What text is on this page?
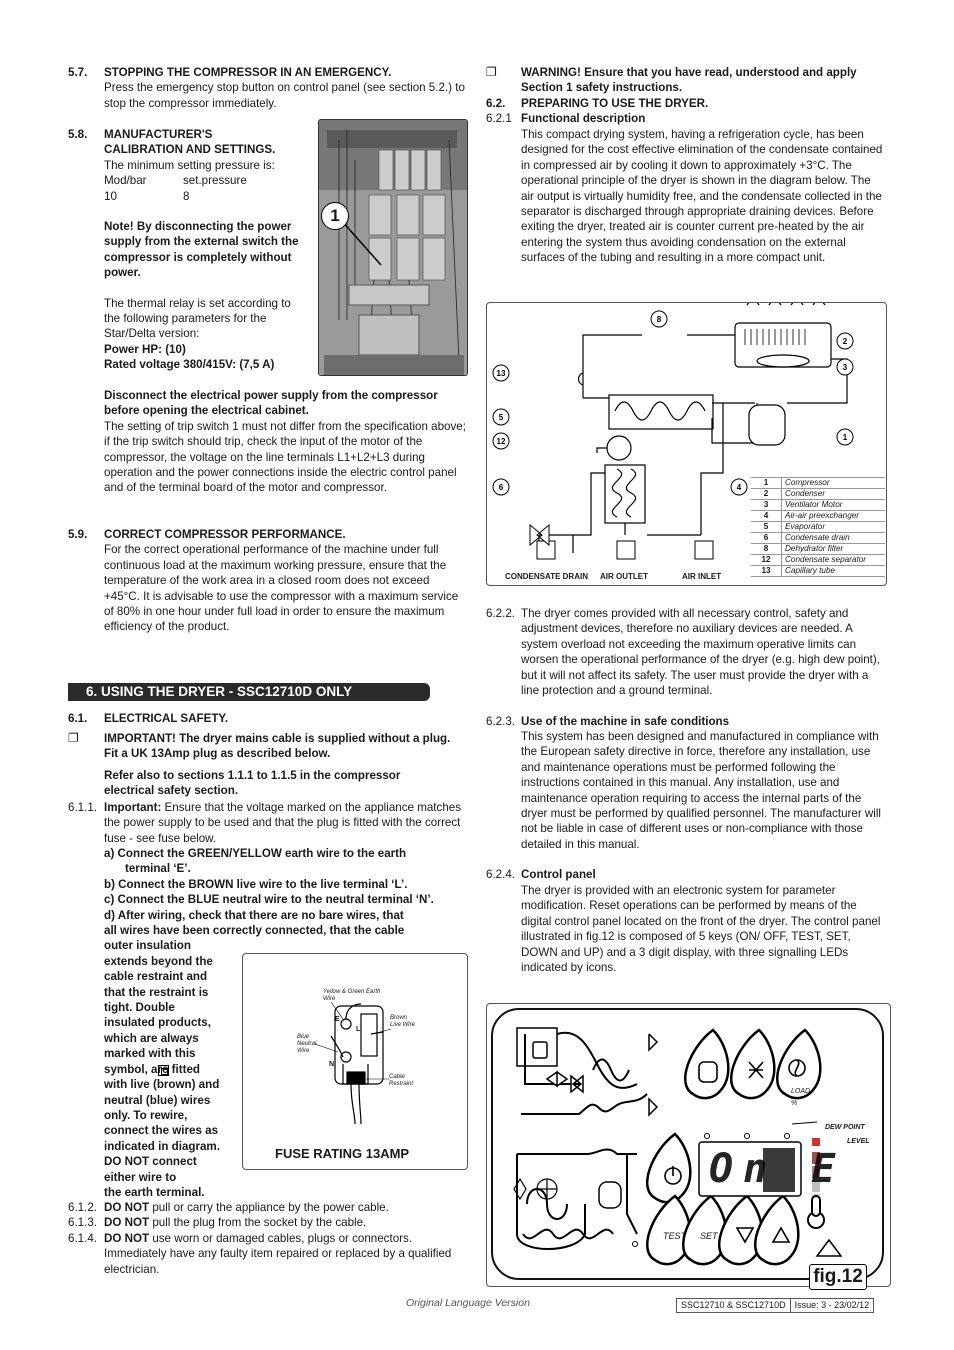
5.7. STOPPING THE COMPRESSOR IN AN EMERGENCY.

Press the emergency stop button on control panel (see section 5.2.) to stop the compressor immediately.

5.8. MANUFACTURER'S

CALIBRATION AND SETTINGS.

The minimum setting pressure is:

Mod/bar	set.pressure
10	8

Note! By disconnecting the power supply from the external switch the compressor is completely without power.

The thermal relay is set according to the following parameters for the Star/Delta version:

Power HP: (10)

Rated voltage 380/415V: (7,5 A)

1

Disconnect the electrical power supply from the compressor before opening the electrical cabinet.

The setting of trip switch 1 must not differ from the specification above; if the trip switch should trip, check the input of the motor of the compressor, the voltage on the line terminals L1+L2+L3 during operation and the power connections inside the electric control panel and of the terminal board of the motor and compressor.

5.9. CORRECT COMPRESSOR PERFORMANCE.

For the correct operational performance of the machine under full continuous load at the maximum working pressure, ensure that the temperature of the work area in a closed room does not exceed +45°C. It is advisable to use the compressor with a maximum service of 80% in one hour under full load in order to ensure the maximum efficiency of the product.

6. USING THE DRYER - SSC12710D ONLY
6.1. ELECTRICAL SAFETY.

❐ IMPORTANT! The dryer mains cable is supplied without a plug. Fit a UK 13Amp plug as described below.

Refer also to sections 1.1.1 to 1.1.5 in the compressor electrical safety section.

6.1.1. Important: Ensure that the voltage marked on the appliance matches the power supply to be used and that the plug is fitted with the correct fuse - see fuse below.

a) Connect the GREEN/YELLOW earth wire to the earth

terminal ‘E’.

b) Connect the BROWN live wire to the live terminal ‘L’.

c) Connect the BLUE neutral wire to the neutral terminal ‘N’.

d) After wiring, check that there are no bare wires, that

all wires have been correctly connected, that the cable

outer insulation

extends beyond the

cable restraint and

that the restraint is

tight. Double

insulated products,

which are always

marked with this

symbol, are fitted

with live (brown) and

neutral (blue) wires

only. To rewire,

connect the wires as

indicated in diagram.

DO NOT connect

either wire to

the earth terminal.

Yellow & Green Earth Wire
Brown Live Wire
Blue Neutral Wire
Cable Restraint
E
L
N
FUSE RATING 13AMP
6.1.2. DO NOT pull or carry the appliance by the power cable.

6.1.3. DO NOT pull the plug from the socket by the cable.

6.1.4. DO NOT use worn or damaged cables, plugs or connectors. Immediately have any faulty item repaired or replaced by a qualified electrician.

❐ WARNING! Ensure that you have read, understood and apply Section 1 safety instructions.

6.2. PREPARING TO USE THE DRYER.

6.2.1 Functional description

This compact drying system, having a refrigeration cycle, has been designed for the cost effective elimination of the condensate contained in compressed air by cooling it down to approximately +3°C. The operational principle of the dryer is shown in the diagram below. The air output is virtually humidity free, and the condensate collected in the separator is discharged through appropriate draining devices. Before exiting the dryer, treated air is counter current pre-heated by the air entering the system thus avoiding condensation on the external surfaces of the tubing and resulting in a more compact unit.

8
2
3
13
5
12	1
6	4
CONDENSATE DRAIN AIR OUTLET	AIR INLET
1	Compressor
2	Condenser
3	Ventilator Motor
4	Air-air preexchanger
5	Evaporator
6	Condensate drain
8	Dehydrator filter
12	Condensate separator
13	Capillary tube
6.2.2. The dryer comes provided with all necessary control, safety and adjustment devices, therefore no auxiliary devices are needed. A system overload not exceeding the maximum operative limits can worsen the operational performance of the dryer (e.g. high dew point), but it will not affect its safety. The user must provide the dryer with a line protection and a ground terminal.

6.2.3. Use of the machine in safe conditions

This system has been designed and manufactured in compliance with the European safety directive in force, therefore any installation, use and maintenance operations must be performed following the instructions contained in this manual. Any installation, use and maintenance operation requiring to access the internal parts of the dryer must be performed by qualified personnel. The manufacturer will not be liable in case of different uses or non-compliance with those detailed in this manual.

6.2.4. Control panel

The dryer is provided with an electronic system for parameter modification. Reset operations can be performed by means of the digital control panel located on the front of the dryer. The control panel illustrated in fig.12 is composed of 5 keys (ON/ OFF, TEST, SET, DOWN and UP) and a 3 digit display, with three signalling LEDs indicated by icons.

On E
LOAD
%
DEW POINT
LEVEL
TEST SET
fig.12
Original Language Version	SSC12710 & SSC12710D	Issue: 3 - 23/02/12
